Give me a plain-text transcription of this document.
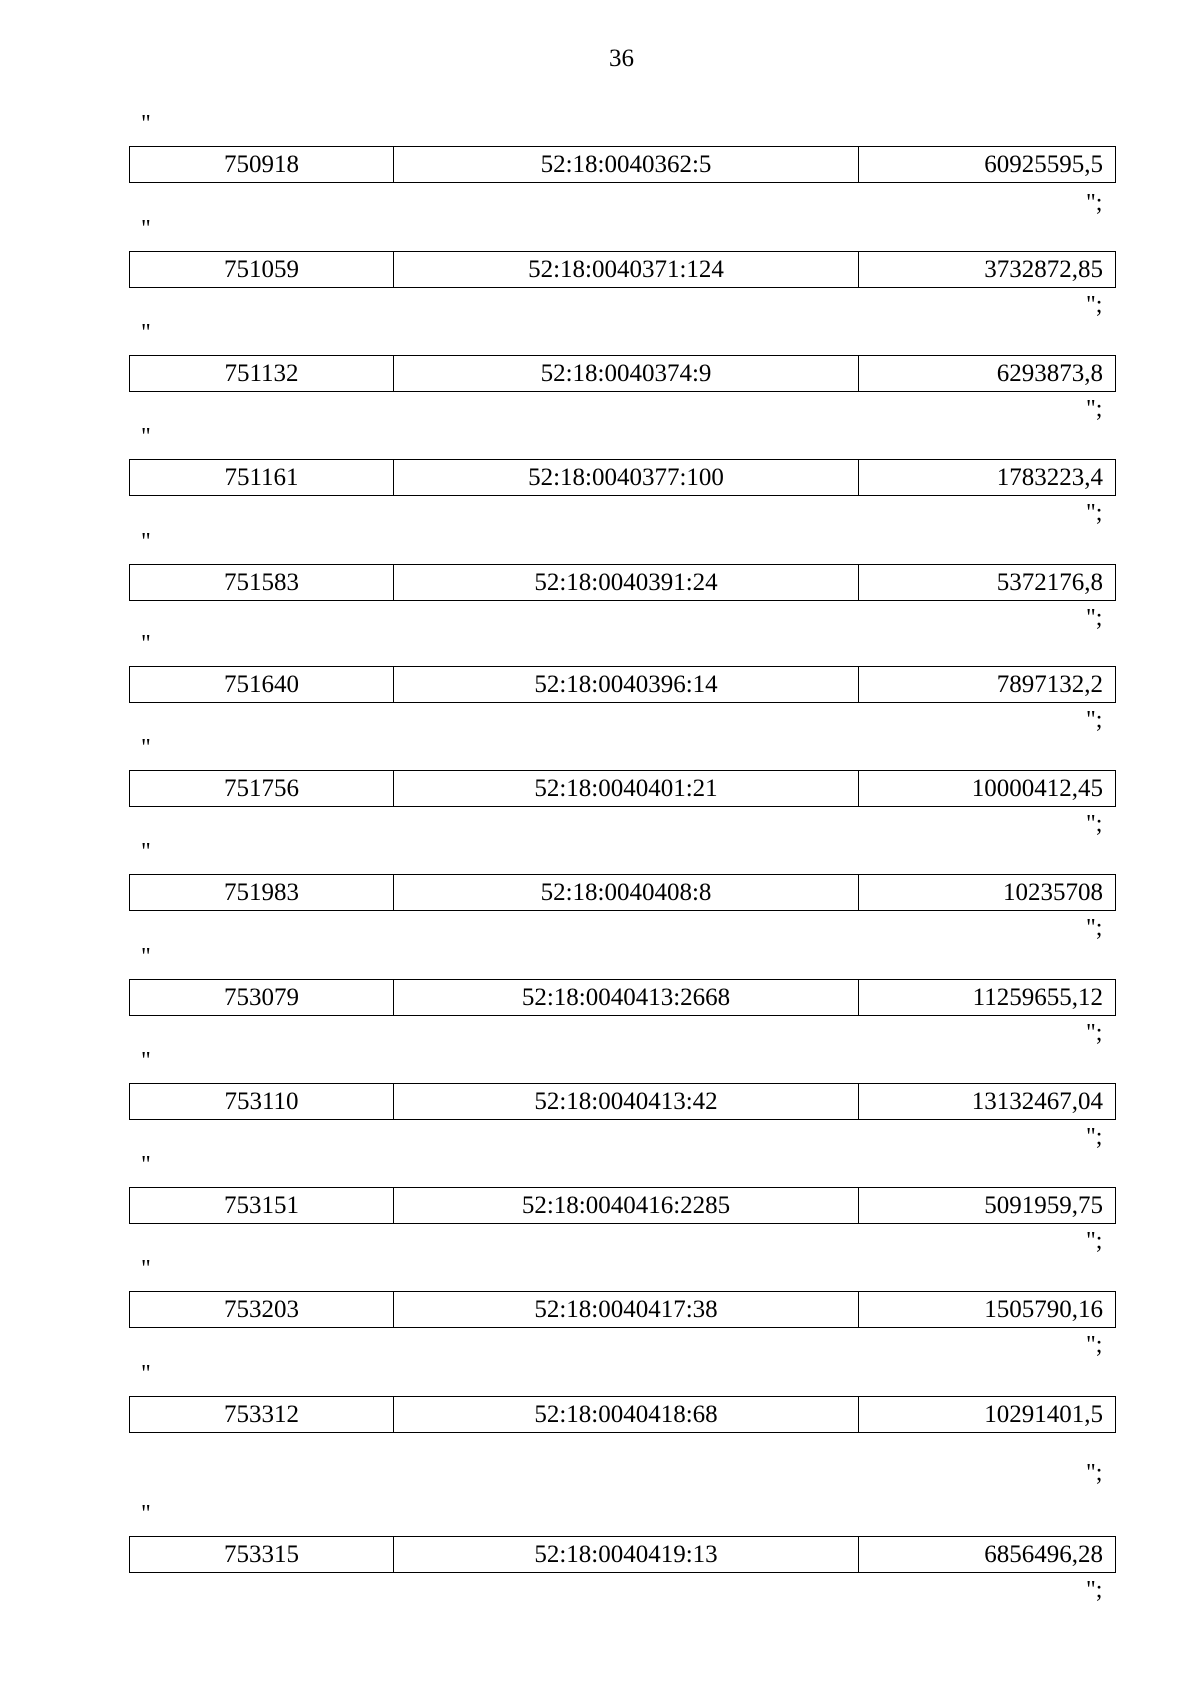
36
"
750918	52:18:0040362:5	60925595,5
";
"
751059	52:18:0040371:124	3732872,85
";
"
751132	52:18:0040374:9	6293873,8
";
"
751161	52:18:0040377:100	1783223,4
";
"
751583	52:18:0040391:24	5372176,8
";
"
751640	52:18:0040396:14	7897132,2
";
"
751756	52:18:0040401:21	10000412,45
";
"
751983	52:18:0040408:8	10235708
";
"
753079	52:18:0040413:2668	11259655,12
";
"
753110	52:18:0040413:42	13132467,04
";
"
753151	52:18:0040416:2285	5091959,75
";
"
753203	52:18:0040417:38	1505790,16
";
"
753312	52:18:0040418:68	10291401,5
";
"
753315	52:18:0040419:13	6856496,28
";
